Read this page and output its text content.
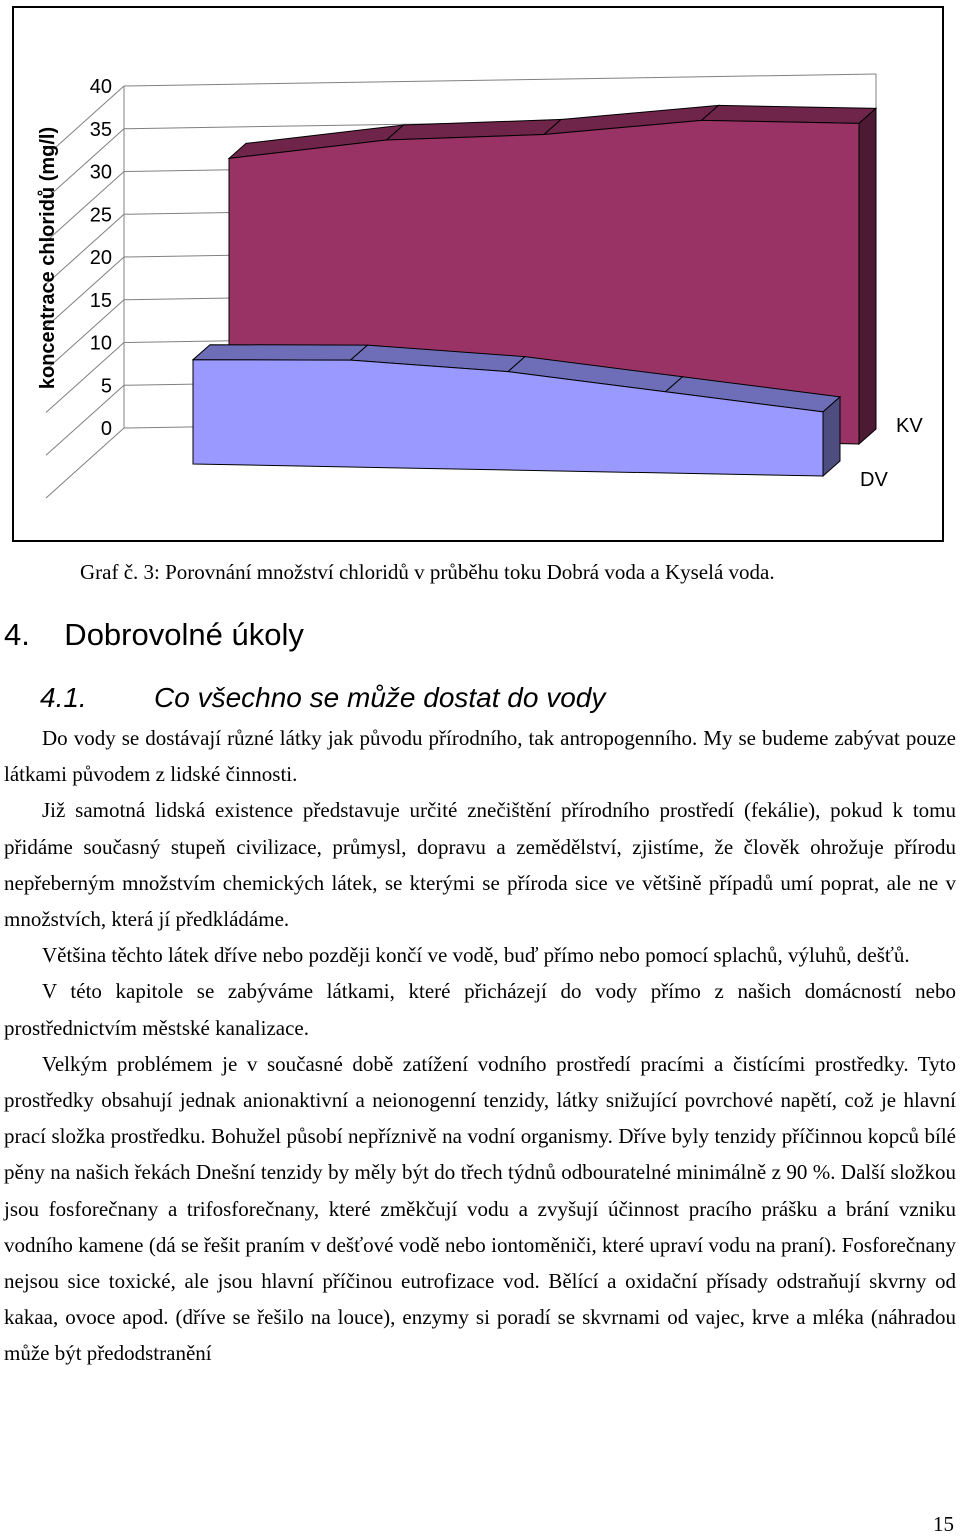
0
5
10
15
20
25
30
35
40
koncentrace chloridů (mg/l)
DV
KV
Graf č. 3: Porovnání množství chloridů v průběhu toku Dobrá voda a Kyselá voda.
4.    Dobrovolné úkoly
4.1. Co všechno se může dostat do vody

Do vody se dostávají různé látky jak původu přírodního, tak antropogenního. My se budeme zabývat pouze látkami původem z lidské činnosti.

Již samotná lidská existence představuje určité znečištění přírodního prostředí (fekálie), pokud k tomu přidáme současný stupeň civilizace, průmysl, dopravu a zemědělství, zjistíme, že člověk ohrožuje přírodu nepřeberným množstvím chemických látek, se kterými se příroda sice ve většině případů umí poprat, ale ne v množstvích, která jí předkládáme.

Většina těchto látek dříve nebo později končí ve vodě, buď přímo nebo pomocí splachů, výluhů, dešťů.

V této kapitole se zabýváme látkami, které přicházejí do vody přímo z našich domácností nebo prostřednictvím městské kanalizace.

Velkým problémem je v současné době zatížení vodního prostředí pracími a čistícími prostředky. Tyto prostředky obsahují jednak anionaktivní a neionogenní tenzidy, látky snižující povrchové napětí, což je hlavní prací složka prostředku. Bohužel působí nepříznivě na vodní organismy. Dříve byly tenzidy příčinnou kopců bílé pěny na našich řekách Dnešní tenzidy by měly být do třech týdnů odbouratelné minimálně z 90 %. Další složkou jsou fosforečnany a trifosforečnany, které změkčují vodu a zvyšují účinnost pracího prášku a brání vzniku vodního kamene (dá se řešit praním v dešťové vodě nebo iontoměniči, které upraví vodu na praní). Fosforečnany nejsou sice toxické, ale jsou hlavní příčinou eutrofizace vod. Bělící a oxidační přísady odstraňují skvrny od kakaa, ovoce apod. (dříve se řešilo na louce), enzymy si poradí se skvrnami od vajec, krve a mléka (náhradou může být předodstranění

15
